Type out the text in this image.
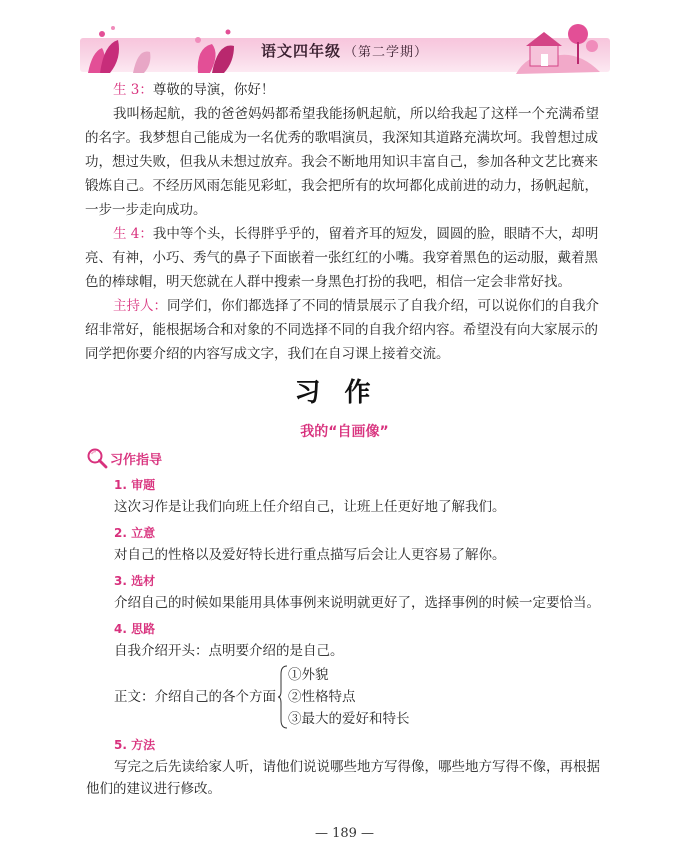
语文四年级 （第二学期）

生 3：尊敬的导演，你好！

我叫杨起航，我的爸爸妈妈都希望我能扬帆起航，所以给我起了这样一个充满希望的名字。我梦想自己能成为一名优秀的歌唱演员，我深知其道路充满坎坷。我曾想过成功，想过失败，但我从未想过放弃。我会不断地用知识丰富自己，参加各种文艺比赛来锻炼自己。不经历风雨怎能见彩虹，我会把所有的坎坷都化成前进的动力，扬帆起航，一步一步走向成功。

生 4：我中等个头，长得胖乎乎的，留着齐耳的短发，圆圆的脸，眼睛不大，却明亮、有神，小巧、秀气的鼻子下面嵌着一张红红的小嘴。我穿着黑色的运动服，戴着黑色的棒球帽，明天您就在人群中搜索一身黑色打扮的我吧，相信一定会非常好找。

主持人：同学们，你们都选择了不同的情景展示了自我介绍，可以说你们的自我介绍非常好，能根据场合和对象的不同选择不同的自我介绍内容。希望没有向大家展示的同学把你要介绍的内容写成文字，我们在自习课上接着交流。

习作
我的“自画像”
习作指导
1. 审题

这次习作是让我们向班上任介绍自己，让班上任更好地了解我们。

2. 立意

对自己的性格以及爱好特长进行重点描写后会让人更容易了解你。

3. 选材

介绍自己的时候如果能用具体事例来说明就更好了，选择事例的时候一定要恰当。

4. 思路

自我介绍开头：点明要介绍的是自己。

正文：介绍自己的各个方面
①外貌
②性格特点
③最大的爱好和特长
5. 方法

写完之后先读给家人听，请他们说说哪些地方写得像，哪些地方写得不像，再根据他们的建议进行修改。

— 189 —
